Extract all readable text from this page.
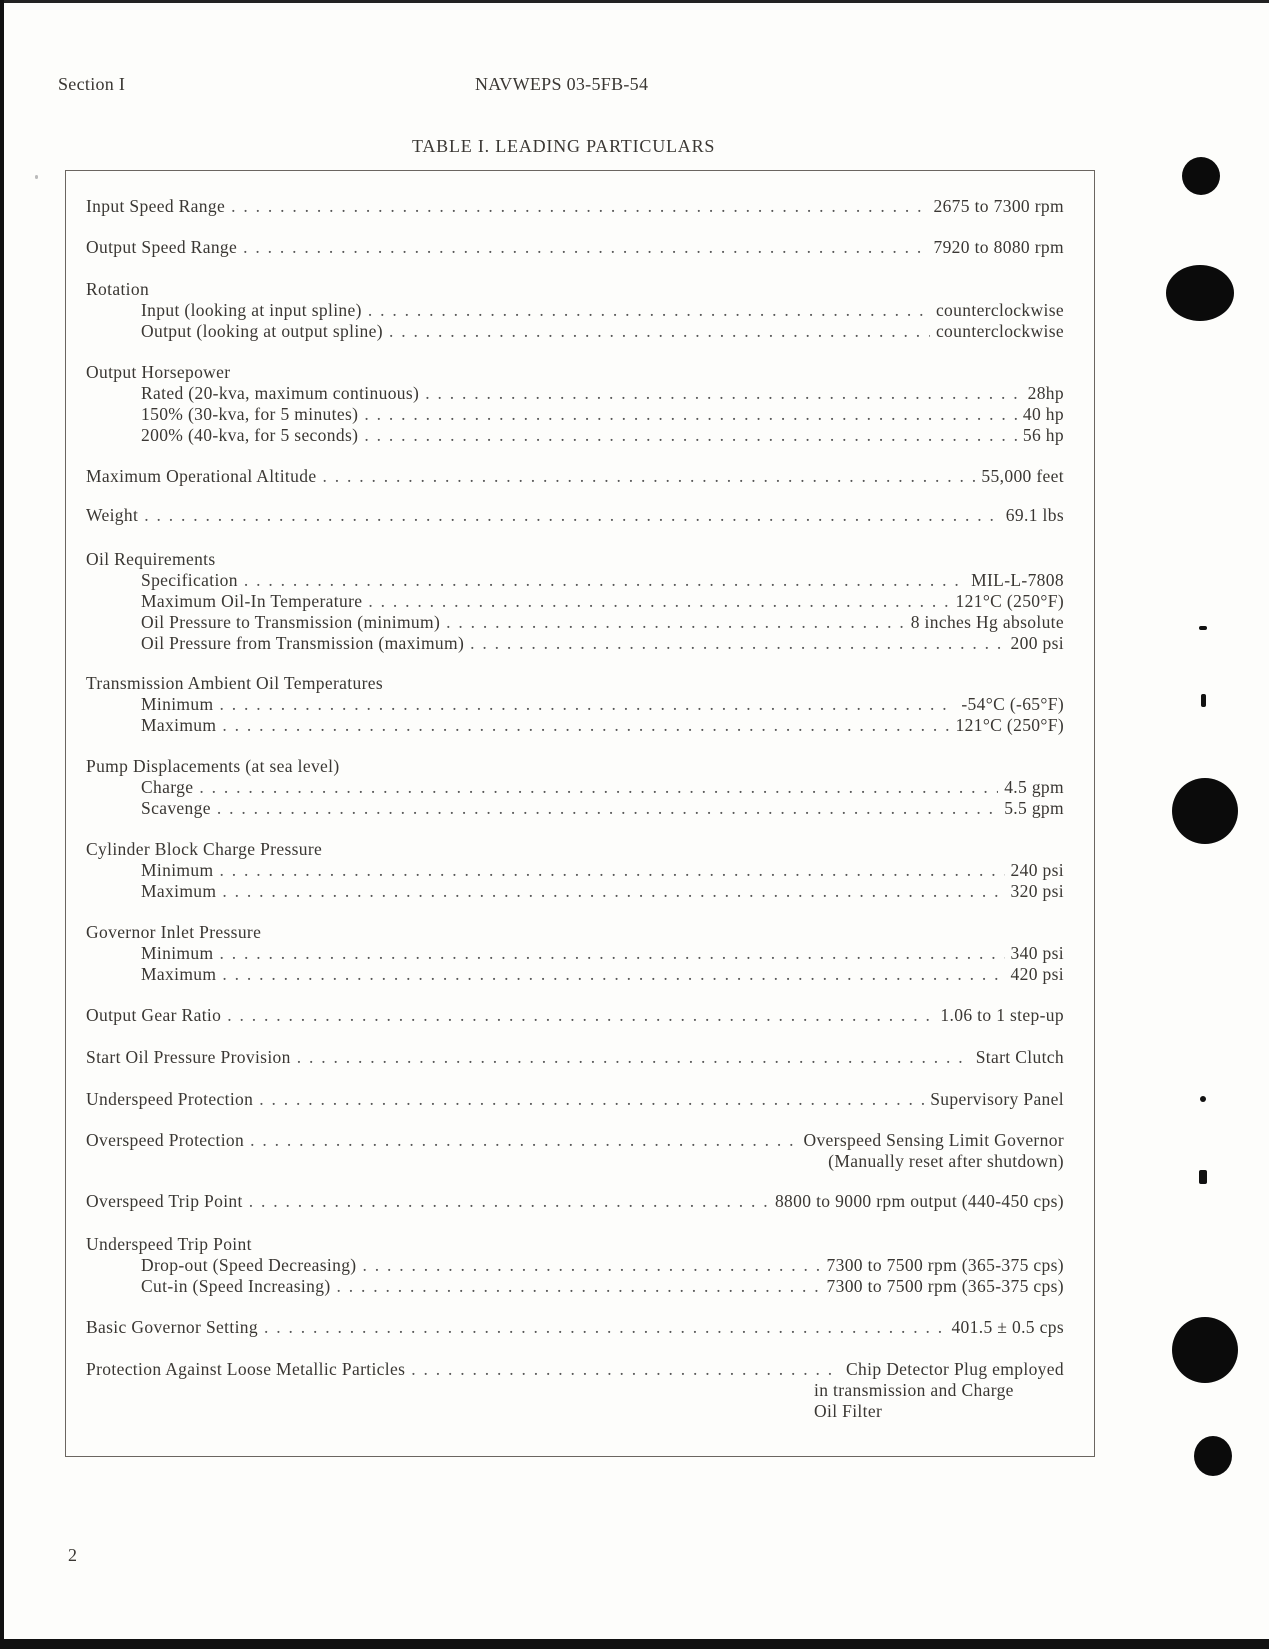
Section I	NAVWEPS 03-5FB-54
TABLE I. LEADING PARTICULARS
Input Speed Range . . .	2675 to 7300 rpm
Output Speed Range . . .	7920 to 8080 rpm
Rotation
Input (looking at input spline) . . .	counterclockwise
Output (looking at output spline) . . .	counterclockwise
Output Horsepower
Rated (20-kva, maximum continuous) . . .	28hp
150% (30-kva, for 5 minutes) . . .	40 hp
200% (40-kva, for 5 seconds) . . .	56 hp
Maximum Operational Altitude . . .	55,000 feet
Weight . . .	69.1 lbs
Oil Requirements
Specification . . .	MIL-L-7808
Maximum Oil-In Temperature . . .	121°C (250°F)
Oil Pressure to Transmission (minimum) . . .	8 inches Hg absolute
Oil Pressure from Transmission (maximum) . . .	200 psi
Transmission Ambient Oil Temperatures
Minimum . . .	-54°C (-65°F)
Maximum . . .	121°C (250°F)
Pump Displacements (at sea level)
Charge . . .	4.5 gpm
Scavenge . . .	5.5 gpm
Cylinder Block Charge Pressure
Minimum . . .	240 psi
Maximum . . .	320 psi
Governor Inlet Pressure
Minimum . . .	340 psi
Maximum . . .	420 psi
Output Gear Ratio . . .	1.06 to 1 step-up
Start Oil Pressure Provision . . .	Start Clutch
Underspeed Protection . . .	Supervisory Panel
Overspeed Protection . . .	Overspeed Sensing Limit Governor
(Manually reset after shutdown)
Overspeed Trip Point . . .	8800 to 9000 rpm output (440-450 cps)
Underspeed Trip Point
Drop-out (Speed Decreasing) . . .	7300 to 7500 rpm (365-375 cps)
Cut-in (Speed Increasing) . . .	7300 to 7500 rpm (365-375 cps)
Basic Governor Setting . . .	401.5 ± 0.5 cps
Protection Against Loose Metallic Particles . . .	Chip Detector Plug employed
in transmission and Charge
Oil Filter
2
